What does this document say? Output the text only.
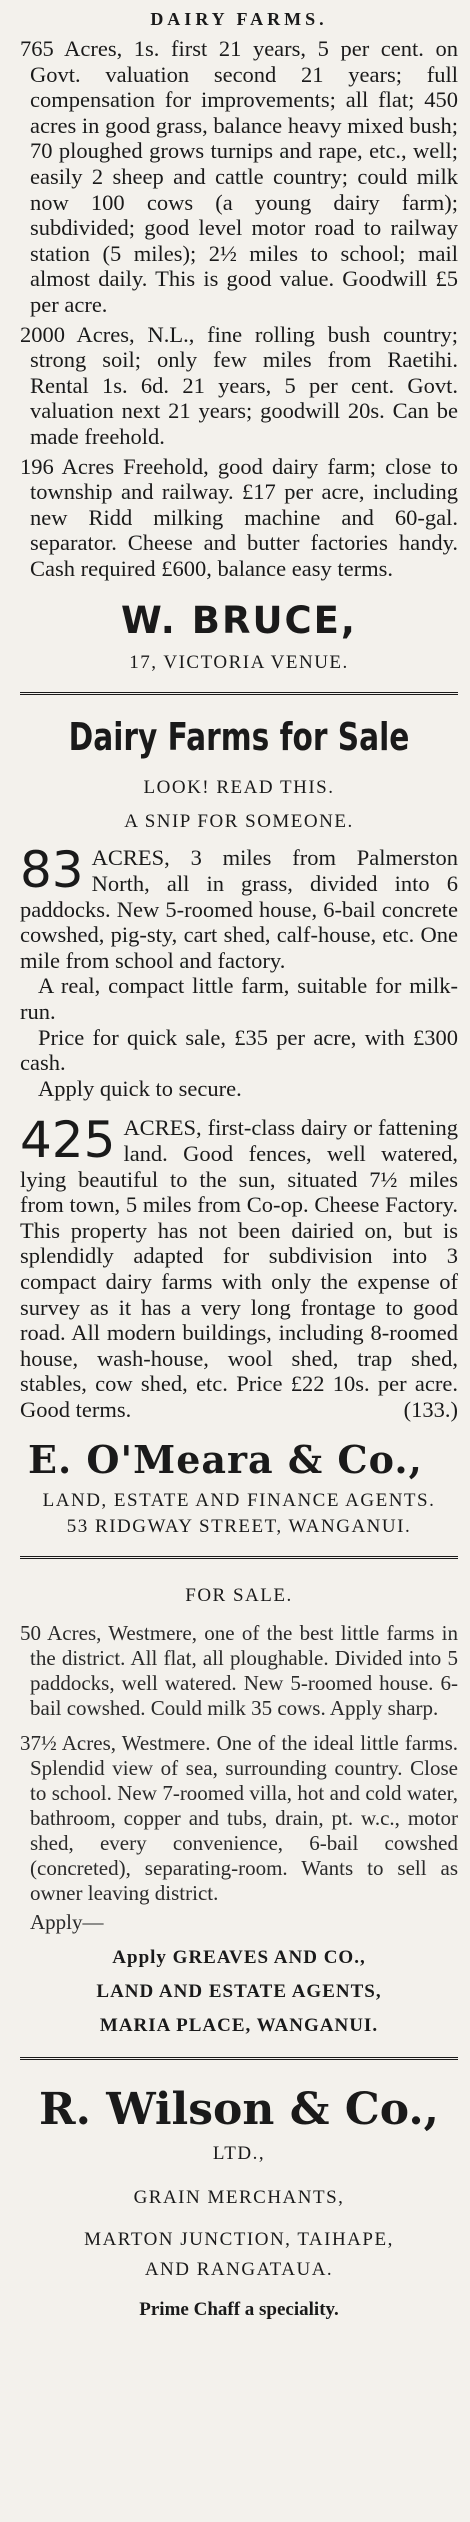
DAIRY FARMS.

765 Acres, 1s. first 21 years, 5 per cent. on Govt. valuation second 21 years; full compensation for improvements; all flat; 450 acres in good grass, balance heavy mixed bush; 70 ploughed grows turnips and rape, etc., well; easily 2 sheep and cattle country; could milk now 100 cows (a young dairy farm); subdivided; good level motor road to railway station (5 miles); 2½ miles to school; mail almost daily. This is good value. Goodwill £5 per acre.

2000 Acres, N.L., fine rolling bush country; strong soil; only few miles from Raetihi. Rental 1s. 6d. 21 years, 5 per cent. Govt. valuation next 21 years; goodwill 20s. Can be made freehold.

196 Acres Freehold, good dairy farm; close to township and railway. £17 per acre, including new Ridd milking machine and 60-gal. separator. Cheese and butter factories handy. Cash required £600, balance easy terms.

W. BRUCE,
17, VICTORIA VENUE.
Dairy Farms for Sale
LOOK! READ THIS.
A SNIP FOR SOMEONE.
83 ACRES, 3 miles from Palmerston North, all in grass, divided into 6 paddocks. New 5-roomed house, 6-bail concrete cowshed, pig-sty, cart shed, calf-house, etc. One mile from school and factory.

A real, compact little farm, suitable for milk-run.

Price for quick sale, £35 per acre, with £300 cash.

Apply quick to secure.

425 ACRES, first-class dairy or fattening land. Good fences, well watered, lying beautiful to the sun, situated 7½ miles from town, 5 miles from Co-op. Cheese Factory. This property has not been dairied on, but is splendidly adapted for subdivision into 3 compact dairy farms with only the expense of survey as it has a very long frontage to good road. All modern buildings, including 8-roomed house, wash-house, wool shed, trap shed, stables, cow shed, etc. Price £22 10s. per acre. Good terms.	(133.)

E. O'Meara & Co.,
LAND, ESTATE AND FINANCE AGENTS.
53 RIDGWAY STREET, WANGANUI.
FOR SALE.

50 Acres, Westmere, one of the best little farms in the district. All flat, all ploughable. Divided into 5 paddocks, well watered. New 5-roomed house. 6-bail cowshed. Could milk 35 cows. Apply sharp.

37½ Acres, Westmere. One of the ideal little farms. Splendid view of sea, surrounding country. Close to school. New 7-roomed villa, hot and cold water, bathroom, copper and tubs, drain, pt. w.c., motor shed, every convenience, 6-bail cowshed (concreted), separating-room. Wants to sell as owner leaving district.

Apply—

Apply GREAVES AND CO.,
LAND AND ESTATE AGENTS,
MARIA PLACE, WANGANUI.
R. Wilson & Co.,
LTD.,
GRAIN MERCHANTS,
MARTON JUNCTION, TAIHAPE,
AND RANGATAUA.
Prime Chaff a speciality.
